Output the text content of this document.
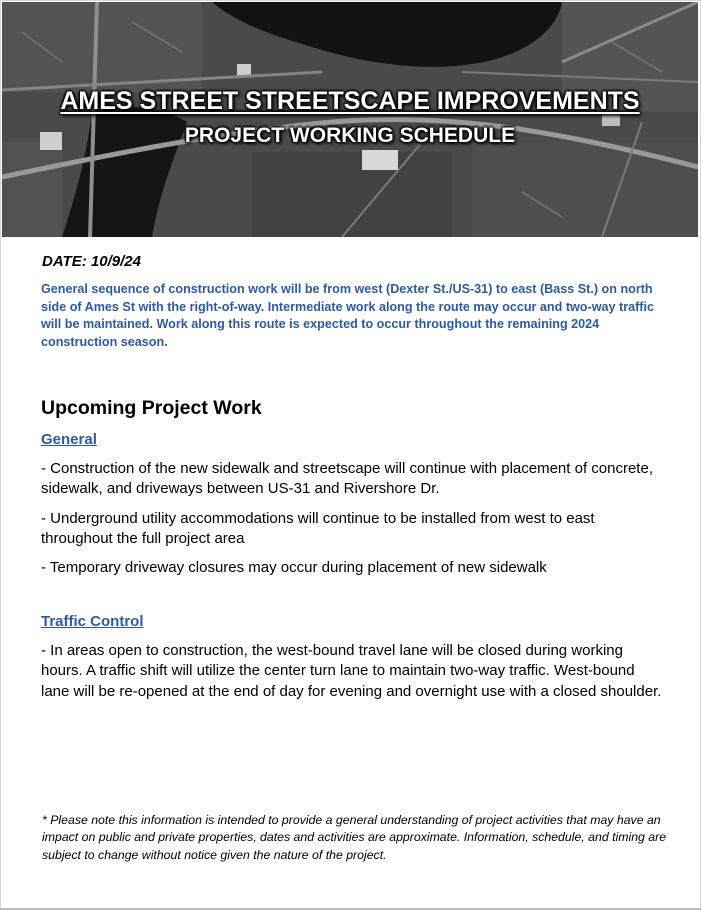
AMES STREET STREETSCAPE IMPROVEMENTS
PROJECT WORKING SCHEDULE
DATE: 10/9/24

General sequence of construction work will be from west (Dexter St./US-31) to east (Bass St.) on north side of Ames St with the right-of-way. Intermediate work along the route may occur and two-way traffic will be maintained. Work along this route is expected to occur throughout the remaining 2024 construction season.

Upcoming Project Work
General

- Construction of the new sidewalk and streetscape will continue with placement of concrete, sidewalk, and driveways between US-31 and Rivershore Dr.

- Underground utility accommodations will continue to be installed from west to east throughout the full project area

- Temporary driveway closures may occur during placement of new sidewalk

Traffic Control

- In areas open to construction, the west-bound travel lane will be closed during working hours. A traffic shift will utilize the center turn lane to maintain two-way traffic. West-bound lane will be re-opened at the end of day for evening and overnight use with a closed shoulder.

* Please note this information is intended to provide a general understanding of project activities that may have an impact on public and private properties, dates and activities are approximate. Information, schedule, and timing are subject to change without notice given the nature of the project.
